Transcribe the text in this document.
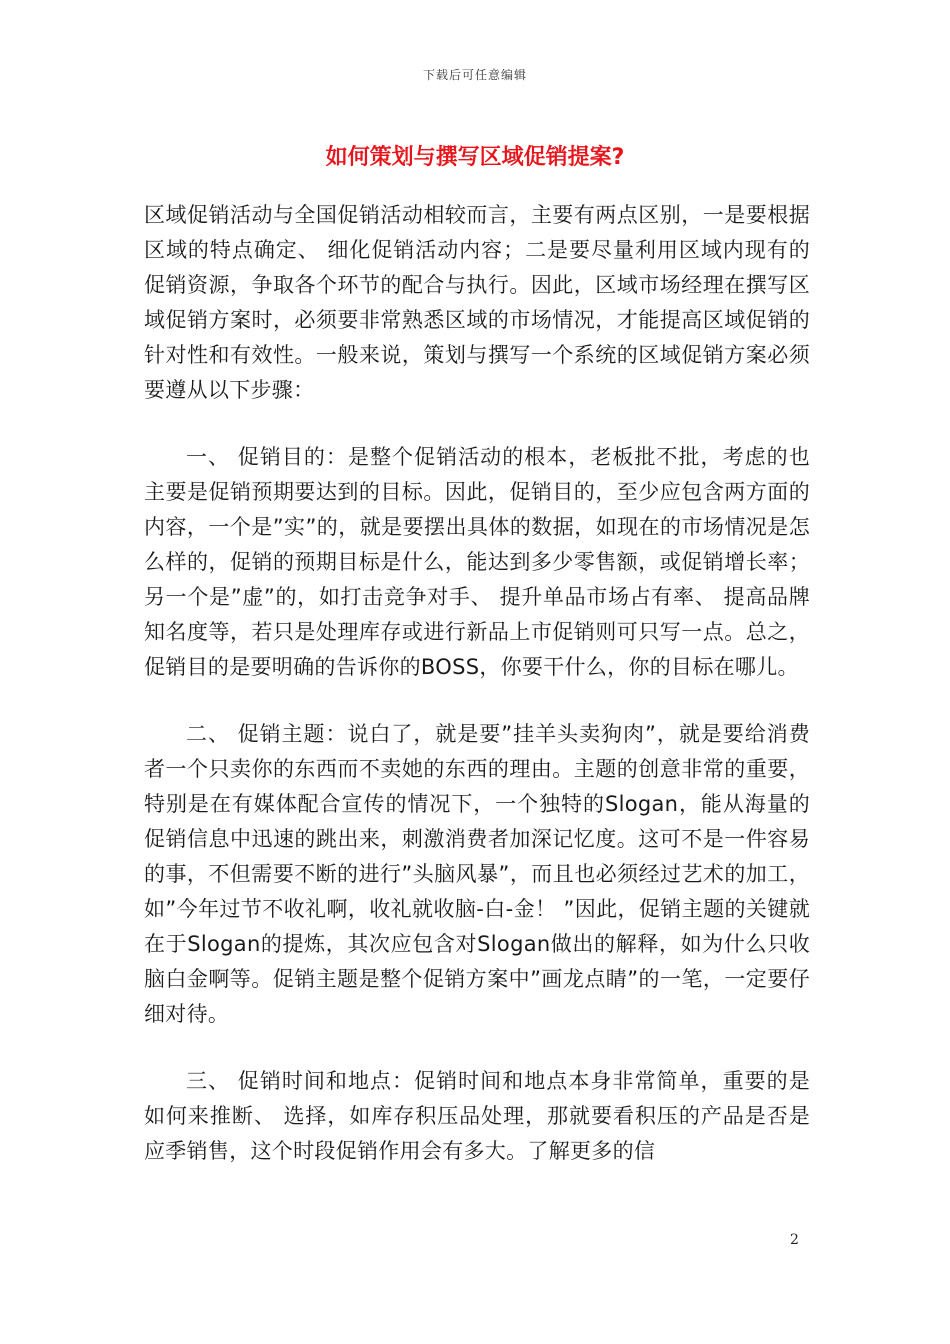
下载后可任意编辑
如何策划与撰写区域促销提案?

区域促销活动与全国促销活动相较而言，主要有两点区别，一是要根据区域的特点确定、 细化促销活动内容；二是要尽量利用区域内现有的促销资源，争取各个环节的配合与执行。因此，区域市场经理在撰写区域促销方案时，必须要非常熟悉区域的市场情况，才能提高区域促销的针对性和有效性。一般来说，策划与撰写一个系统的区域促销方案必须要遵从以下步骤：

一、 促销目的：是整个促销活动的根本，老板批不批，考虑的也主要是促销预期要达到的目标。因此，促销目的，至少应包含两方面的内容，一个是”实”的，就是要摆出具体的数据，如现在的市场情况是怎么样的，促销的预期目标是什么，能达到多少零售额，或促销增长率；另一个是”虚”的，如打击竞争对手、 提升单品市场占有率、 提高品牌知名度等，若只是处理库存或进行新品上市促销则可只写一点。总之，促销目的是要明确的告诉你的BOSS，你要干什么，你的目标在哪儿。

二、 促销主题：说白了，就是要”挂羊头卖狗肉”，就是要给消费者一个只卖你的东西而不卖她的东西的理由。主题的创意非常的重要，特别是在有媒体配合宣传的情况下，一个独特的Slogan，能从海量的促销信息中迅速的跳出来，刺激消费者加深记忆度。这可不是一件容易的事，不但需要不断的进行”头脑风暴”，而且也必须经过艺术的加工，如”今年过节不收礼啊，收礼就收脑-白-金！ ”因此，促销主题的关键就在于Slogan的提炼，其次应包含对Slogan做出的解释，如为什么只收脑白金啊等。促销主题是整个促销方案中”画龙点睛”的一笔，一定要仔细对待。

三、 促销时间和地点：促销时间和地点本身非常简单，重要的是如何来推断、 选择，如库存积压品处理，那就要看积压的产品是否是应季销售，这个时段促销作用会有多大。了解更多的信

2
